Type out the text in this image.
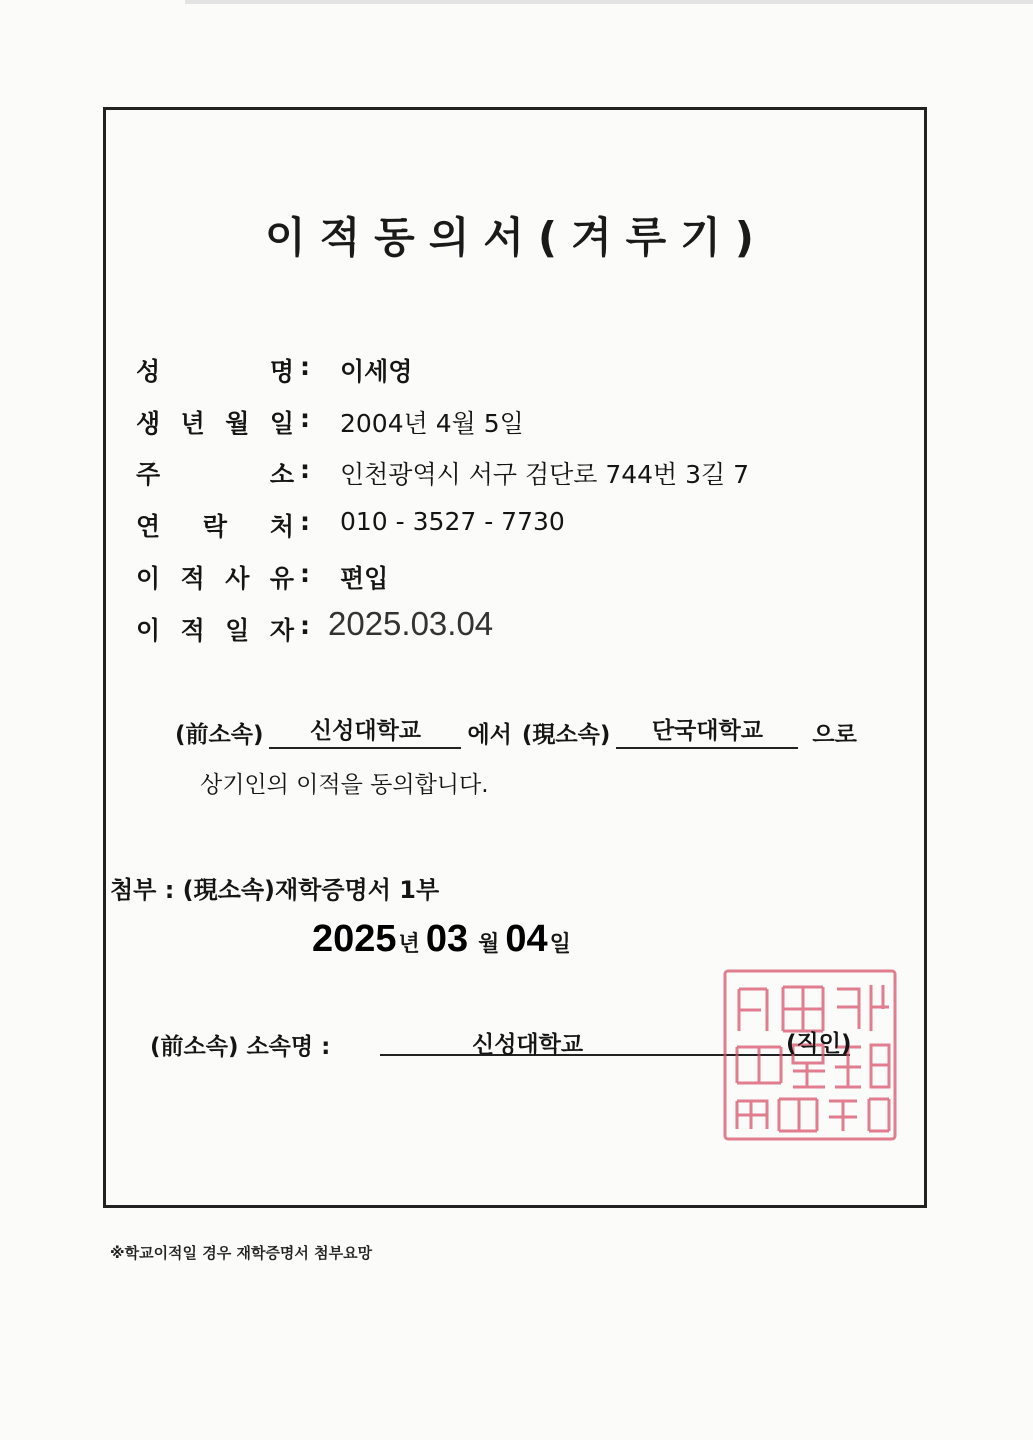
이적동의서(겨루기)
성	명 : 이세영
생 년 월 일 : 2004년 4월 5일
주	소 : 인천광역시 서구 검단로 744번 3길 7
연 락 처 : 010 - 3527 - 7730
이 적 사 유 : 편입
이 적 일 자 : 2025.03.04
(前소속)	신성대학교	에서 (現소속)	단국대학교	으로
상기인의 이적을 동의합니다.
첨부 : (現소속)재학증명서 1부
2025 년 03 월 04 일
(前소속) 소속명 :	신성대학교	(직인)
※학교이적일 경우 재학증명서 첨부요망
